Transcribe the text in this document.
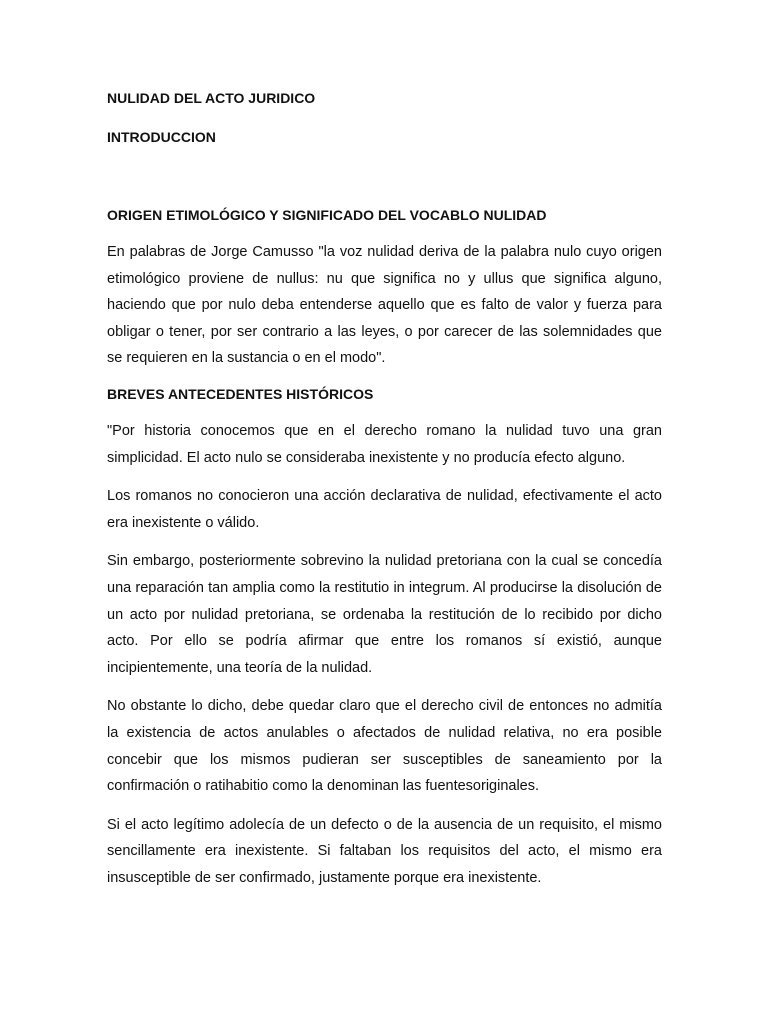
NULIDAD DEL ACTO JURIDICO
INTRODUCCION
ORIGEN ETIMOLÓGICO Y SIGNIFICADO DEL VOCABLO NULIDAD

En palabras de Jorge Camusso "la voz nulidad deriva de la palabra nulo cuyo origen etimológico proviene de nullus: nu que significa no y ullus que significa alguno, haciendo que por nulo deba entenderse aquello que es falto de valor y fuerza para obligar o tener, por ser contrario a las leyes, o por carecer de las solemnidades que se requieren en la sustancia o en el modo".

BREVES ANTECEDENTES HISTÓRICOS

"Por historia conocemos que en el derecho romano la nulidad tuvo una gran simplicidad. El acto nulo se consideraba inexistente y no producía efecto alguno.

Los romanos no conocieron una acción declarativa de nulidad, efectivamente el acto era inexistente o válido.

Sin embargo, posteriormente sobrevino la nulidad pretoriana con la cual se concedía una reparación tan amplia como la restitutio in integrum. Al producirse la disolución de un acto por nulidad pretoriana, se ordenaba la restitución de lo recibido por dicho acto. Por ello se podría afirmar que entre los romanos sí existió, aunque incipientemente, una teoría de la nulidad.

No obstante lo dicho, debe quedar claro que el derecho civil de entonces no admitía la existencia de actos anulables o afectados de nulidad relativa, no era posible concebir que los mismos pudieran ser susceptibles de saneamiento por la confirmación o ratihabitio como la denominan las fuentesoriginales.

Si el acto legítimo adolecía de un defecto o de la ausencia de un requisito, el mismo sencillamente era inexistente. Si faltaban los requisitos del acto, el mismo era insusceptible de ser confirmado, justamente porque era inexistente.
